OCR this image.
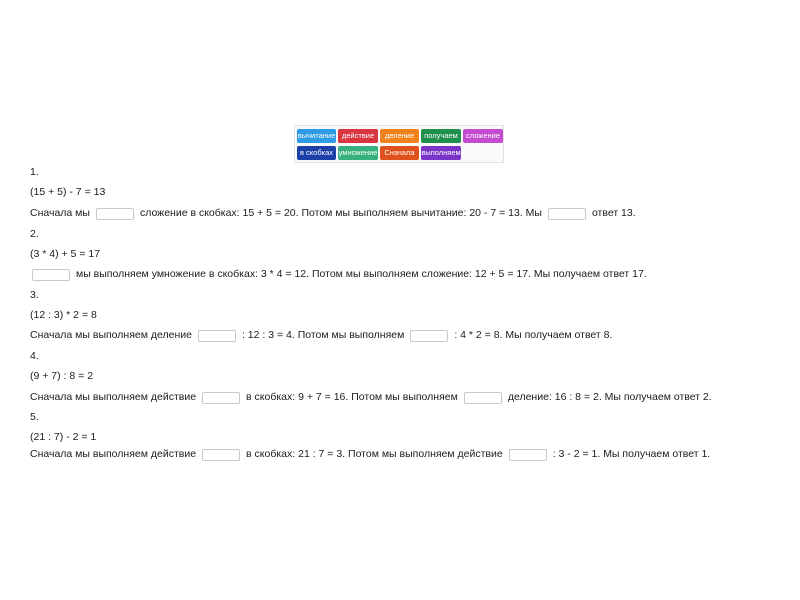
вычитание действие	деление	получаем	сложение
в скобках умножение Сначала выполняем
1.
(15 + 5) - 7 = 13
Сначала мы	сложение в скобках: 15 + 5 = 20. Потом мы выполняем вычитание: 20 - 7 = 13. Мы	ответ 13.
2.
(3 * 4) + 5 = 17
мы выполняем умножение в скобках: 3 * 4 = 12. Потом мы выполняем сложение: 12 + 5 = 17. Мы получаем ответ 17.
3.
(12 : 3) * 2 = 8
Сначала мы выполняем деление	: 12 : 3 = 4. Потом мы выполняем	: 4 * 2 = 8. Мы получаем ответ 8.
4.
(9 + 7) : 8 = 2
Сначала мы выполняем действие	в скобках: 9 + 7 = 16. Потом мы выполняем	деление: 16 : 8 = 2. Мы получаем ответ 2.
5.
(21 : 7) - 2 = 1
Сначала мы выполняем действие	в скобках: 21 : 7 = 3. Потом мы выполняем действие	: 3 - 2 = 1. Мы получаем ответ 1.
